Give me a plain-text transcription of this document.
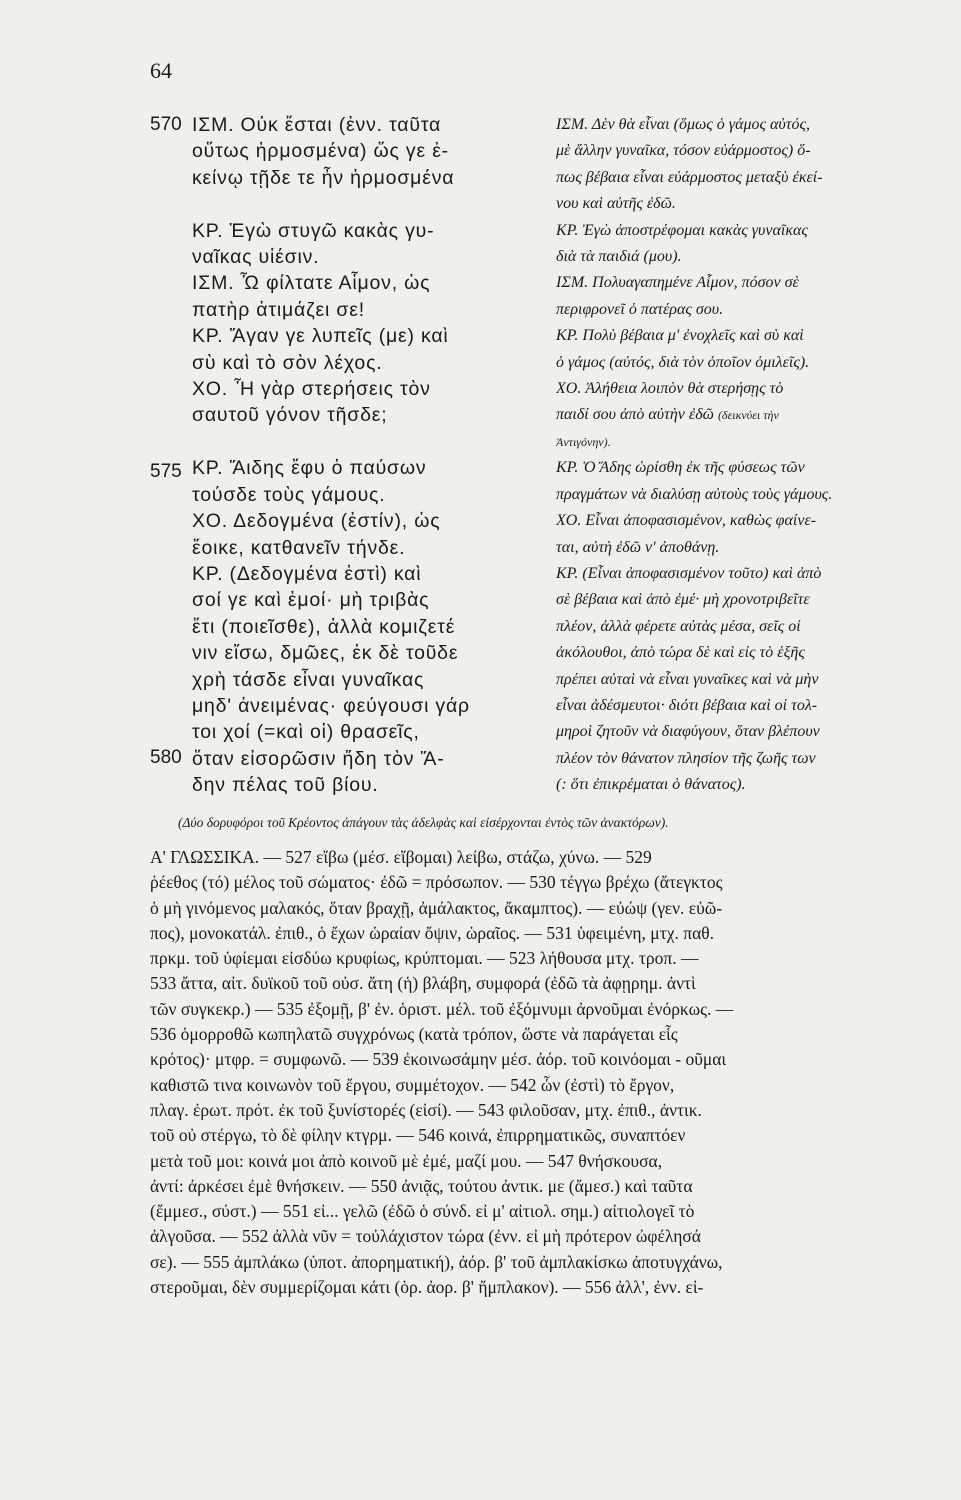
64
570
575
580
ΙΣΜ. Οὐκ ἔσται (ἐνν. ταῦτα
οὕτως ἡρμοσμένα) ὥς γε ἐ-
κείνῳ τῇδε τε ἦν ἡρμοσμένα

ΚΡ. Ἐγὼ στυγῶ κακὰς γυ-
ναῖκας υἱέσιν.
ΙΣΜ. Ὦ φίλτατε Αἷμον, ὡς
πατὴρ ἀτιμάζει σε!
ΚΡ. Ἄγαν γε λυπεῖς (με) καὶ
σὺ καὶ τὸ σὸν λέχος.
ΧΟ. Ἦ γὰρ στερήσεις τὸν
σαυτοῦ γόνον τῆσδε;

ΚΡ. Ἅιδης ἔφυ ὁ παύσων
τούσδε τοὺς γάμους.
ΧΟ. Δεδογμένα (ἐστίν), ὡς
ἔοικε, κατθανεῖν τήνδε.
ΚΡ. (Δεδογμένα ἐστὶ) καὶ
σοί γε καὶ ἐμοί· μὴ τριβὰς
ἔτι (ποιεῖσθε), ἀλλὰ κομιζετέ
νιν εἴσω, δμῶες, ἐκ δὲ τοῦδε
χρὴ τάσδε εἶναι γυναῖκας
μηδ' ἀνειμένας· φεύγουσι γάρ
τοι χοί (=καὶ οἱ) θρασεῖς,
ὅταν εἰσορῶσιν ἤδη τὸν Ἅ-
δην πέλας τοῦ βίου.
ΙΣΜ. Δὲν θὰ εἶναι (ὅμως ὁ γάμος αὐτός,
μὲ ἄλλην γυναῖκα, τόσον εὐάρμοστος) ὅ-
πως βέβαια εἶναι εὐάρμοστος μεταξὺ ἐκεί-
νου καὶ αὐτῆς ἐδῶ.
ΚΡ. Ἐγὼ ἀποστρέφομαι κακὰς γυναῖκας
διὰ τὰ παιδιά (μου).
ΙΣΜ. Πολυαγαπημένε Αἷμον, πόσον σὲ
περιφρονεῖ ὁ πατέρας σου.
ΚΡ. Πολὺ βέβαια μ' ἐνοχλεῖς καὶ σὺ καὶ
ὁ γάμος (αὐτός, διὰ τὸν ὁποῖον ὁμιλεῖς).
ΧΟ. Ἀλήθεια λοιπὸν θὰ στερήσῃς τὸ
παιδί σου ἀπὸ αὐτὴν ἐδῶ (δεικνύει τὴν
Ἀντιγόνην).
ΚΡ. Ὁ Ἅδης ὡρίσθη ἐκ τῆς φύσεως τῶν
πραγμάτων νὰ διαλύσῃ αὐτοὺς τοὺς γάμους.
ΧΟ. Εἶναι ἀποφασισμένον, καθὼς φαίνε-
ται, αὐτὴ ἐδῶ ν' ἀποθάνῃ.
ΚΡ. (Εἶναι ἀποφασισμένον τοῦτο) καὶ ἀπὸ
σὲ βέβαια καὶ ἀπὸ ἐμέ· μὴ χρονοτριβεῖτε
πλέον, ἀλλὰ φέρετε αὐτὰς μέσα, σεῖς οἱ
ἀκόλουθοι, ἀπὸ τώρα δὲ καὶ εἰς τὸ ἑξῆς
πρέπει αὐταὶ νὰ εἶναι γυναῖκες καὶ νὰ μὴν
εἶναι ἀδέσμευτοι· διότι βέβαια καὶ οἱ τολ-
μηροὶ ζητοῦν νὰ διαφύγουν, ὅταν βλέπουν
πλέον τὸν θάνατον πλησίον τῆς ζωῆς των
(: ὅτι ἐπικρέμαται ὁ θάνατος).
(Δύο δορυφόροι τοῦ Κρέοντος ἀπάγουν τὰς ἀδελφὰς καὶ εἰσέρχονται ἐντὸς τῶν ἀνακτόρων).
Α' ΓΛΩΣΣΙΚΑ. — 527 εἴβω (μέσ. εἴβομαι) λείβω, στάζω, χύνω. — 529
ῥέεθος (τό) μέλος τοῦ σώματος· ἐδῶ = πρόσωπον. — 530 τέγγω βρέχω (ἄτεγκτος
ὁ μὴ γινόμενος μαλακός, ὅταν βραχῇ, ἀμάλακτος, ἄκαμπτος). — εὐώψ (γεν. εὐῶ-
πος), μονοκατάλ. ἐπιθ., ὁ ἔχων ὡραίαν ὄψιν, ὡραῖος. — 531 ὑφειμένη, μτχ. παθ.
πρκμ. τοῦ ὑφίεμαι εἰσδύω κρυφίως, κρύπτομαι. — 523 λήθουσα μτχ. τροπ. —
533 ἄττα, αἰτ. δυϊκοῦ τοῦ οὐσ. ἄτη (ἡ) βλάβη, συμφορά (ἐδῶ τὰ ἀφῃρημ. ἀντὶ
τῶν συγκεκρ.) — 535 ἐξομῇ, β' ἐν. ὁριστ. μέλ. τοῦ ἐξόμνυμι ἀρνοῦμαι ἐνόρκως. —
536 ὁμορροθῶ κωπηλατῶ συγχρόνως (κατὰ τρόπον, ὥστε νὰ παράγεται εἷς
κρότος)· μτφρ. = συμφωνῶ. — 539 ἐκοινωσάμην μέσ. ἀόρ. τοῦ κοινόομαι - οῦμαι
καθιστῶ τινα κοινωνὸν τοῦ ἔργου, συμμέτοχον. — 542 ὧν (ἐστὶ) τὸ ἔργον,
πλαγ. ἐρωτ. πρότ. ἐκ τοῦ ξυνίστορές (εἰσί). — 543 φιλοῦσαν, μτχ. ἐπιθ., ἀντικ.
τοῦ οὐ στέργω, τὸ δὲ φίλην κτγρμ. — 546 κοινά, ἐπιρρηματικῶς, συναπτόεν
μετὰ τοῦ μοι: κοινά μοι ἀπὸ κοινοῦ μὲ ἐμέ, μαζί μου. — 547 θνήσκουσα,
ἀντί: ἀρκέσει ἐμὲ θνήσκειν. — 550 ἀνιᾷς, τούτου ἀντικ. με (ἄμεσ.) καὶ ταῦτα
(ἔμμεσ., σύστ.) — 551 εἰ... γελῶ (ἐδῶ ὁ σύνδ. εἰ μ' αἰτιολ. σημ.) αἰτιολογεῖ τὸ
ἀλγοῦσα. — 552 ἀλλὰ νῦν = τοὐλάχιστον τώρα (ἐνν. εἰ μὴ πρότερον ὠφέλησά
σε). — 555 ἀμπλάκω (ὑποτ. ἀπορηματική), ἀόρ. β' τοῦ ἀμπλακίσκω ἀποτυγχάνω,
στεροῦμαι, δὲν συμμερίζομαι κάτι (ὁρ. ἀορ. β' ἤμπλακον). — 556 ἀλλ', ἐνν. εἰ-
